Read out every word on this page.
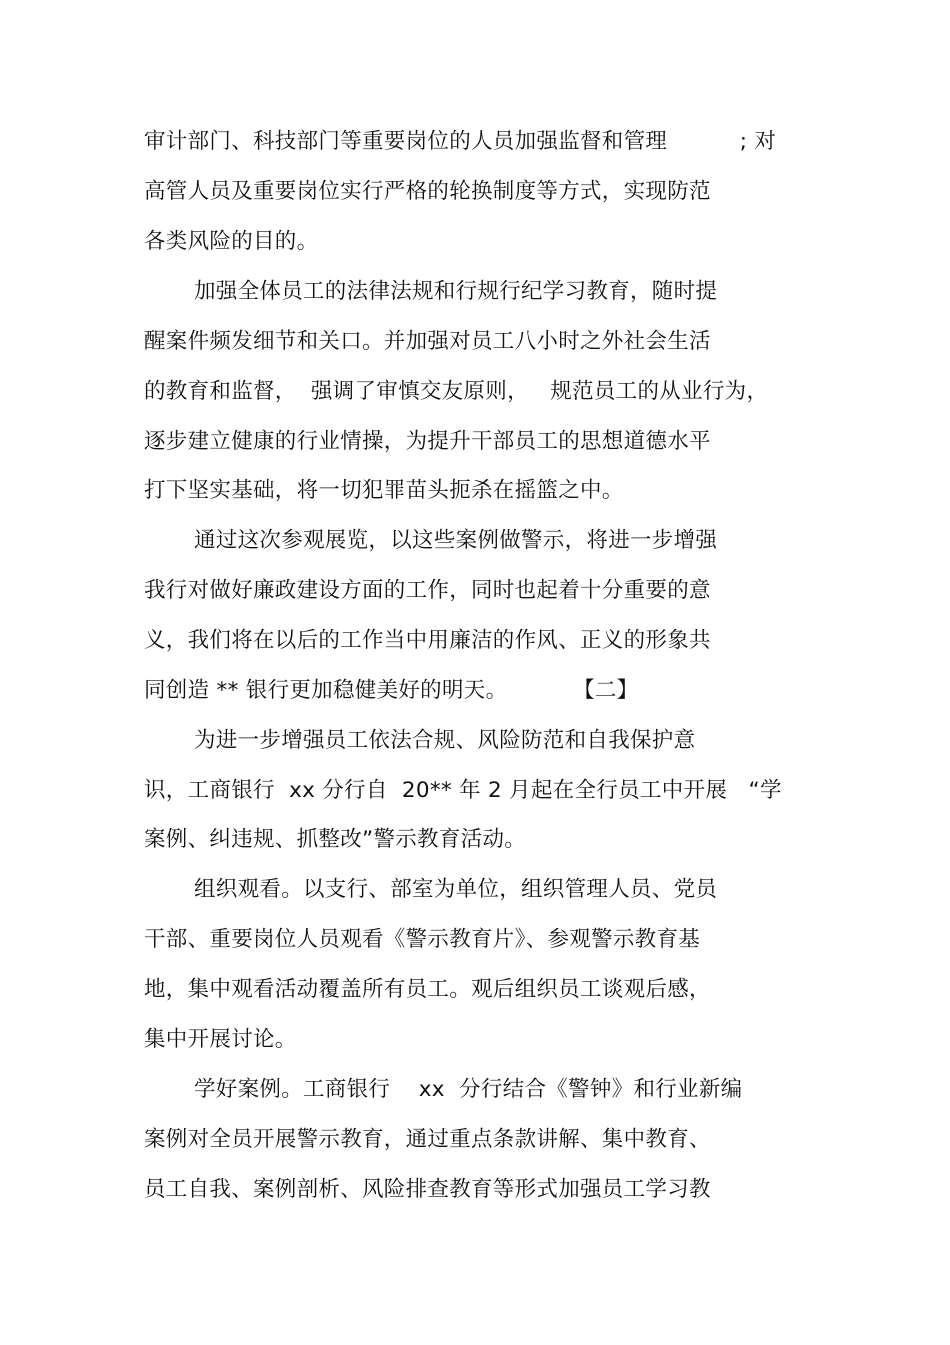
审计部门、科技部门等重要岗位的人员加强监督和管理　　　 ; 对
高管人员及重要岗位实行严格的轮换制度等方式，实现防范
各类风险的目的。
加强全体员工的法律法规和行规行纪学习教育，随时提
醒案件频发细节和关口。并加强对员工八小时之外社会生活
的教育和监督，  强调了审慎交友原则，   规范员工的从业行为，
逐步建立健康的行业情操，为提升干部员工的思想道德水平
打下坚实基础，将一切犯罪苗头扼杀在摇篮之中。
通过这次参观展览，以这些案例做警示，将进一步增强
我行对做好廉政建设方面的工作，同时也起着十分重要的意
义，我们将在以后的工作当中用廉洁的作风、正义的形象共
同创造 ** 银行更加稳健美好的明天。　　　　【二】
为进一步增强员工依法合规、风险防范和自我保护意
识，工商银行  xx 分行自  20** 年 2 月起在全行员工中开展   “学
案例、纠违规、抓整改”警示教育活动。
组织观看。以支行、部室为单位，组织管理人员、党员
干部、重要岗位人员观看《警示教育片》、参观警示教育基
地，集中观看活动覆盖所有员工。观后组织员工谈观后感，
集中开展讨论。
学好案例。工商银行    xx  分行结合《警钟》和行业新编
案例对全员开展警示教育，通过重点条款讲解、集中教育、
员工自我、案例剖析、风险排查教育等形式加强员工学习教
